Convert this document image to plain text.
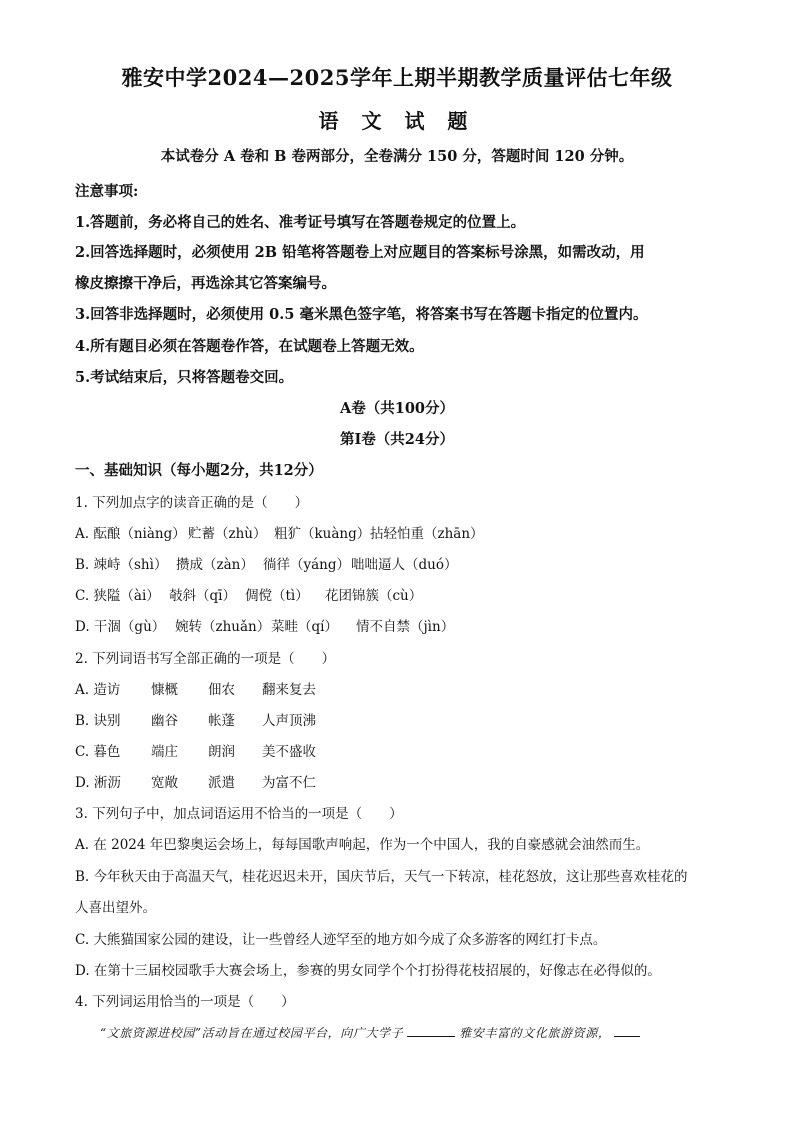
雅安中学2024—2025学年上期半期教学质量评估七年级
语 文 试 题
本试卷分 A 卷和 B 卷两部分，全卷满分 150 分，答题时间 120 分钟。
注意事项:
1.答题前，务必将自己的姓名、准考证号填写在答题卷规定的位置上。
2.回答选择题时，必须使用 2B 铅笔将答题卷上对应题目的答案标号涂黑，如需改动，用
橡皮擦擦干净后，再选涂其它答案编号。
3.回答非选择题时，必须使用 0.5 毫米黑色签字笔，将答案书写在答题卡指定的位置内。
4.所有题目必须在答题卷作答，在试题卷上答题无效。
5.考试结束后，只将答题卷交回。
A卷（共100分）
第Ⅰ卷（共24分）
一、基础知识（每小题2分，共12分）
1. 下列加点字的读音正确的是（　　）
A. 酝酿（niàng） 贮蓄（zhù） 粗犷（kuàng）拈轻怕重（zhān）
B. 竦峙（shì） 攒成（zàn） 徜徉（yáng）咄咄逼人（duó）
C. 狭隘（ài） 攲斜（qī） 倜傥（tì） 花团锦簇（cù）
D. 干涸（gù） 婉转（zhuǎn）菜畦（qí） 情不自禁（jìn）
2. 下列词语书写全部正确的一项是（　　）
A. 造访 慷概 佃农 翻来复去
B. 诀别 幽谷 帐蓬 人声顶沸
C. 暮色 端庄 朗润 美不盛收
D. 淅沥 宽敞 派遣 为富不仁
3. 下列句子中，加点词语运用不恰当的一项是（　　）
A. 在 2024 年巴黎奥运会场上，每每国歌声响起，作为一个中国人，我的自豪感就会油然而生。
B. 今年秋天由于高温天气，桂花迟迟未开，国庆节后，天气一下转凉，桂花怒放，这让那些喜欢桂花的
人喜出望外。
C. 大熊猫国家公园的建设，让一些曾经人迹罕至的地方如今成了众多游客的网红打卡点。
D. 在第十三届校园歌手大赛会场上，参赛的男女同学个个打扮得花枝招展的，好像志在必得似的。
4. 下列词运用恰当的一项是（　　）
“文旅资源进校园”活动旨在通过校园平台，向广大学子	雅安丰富的文化旅游资源，
